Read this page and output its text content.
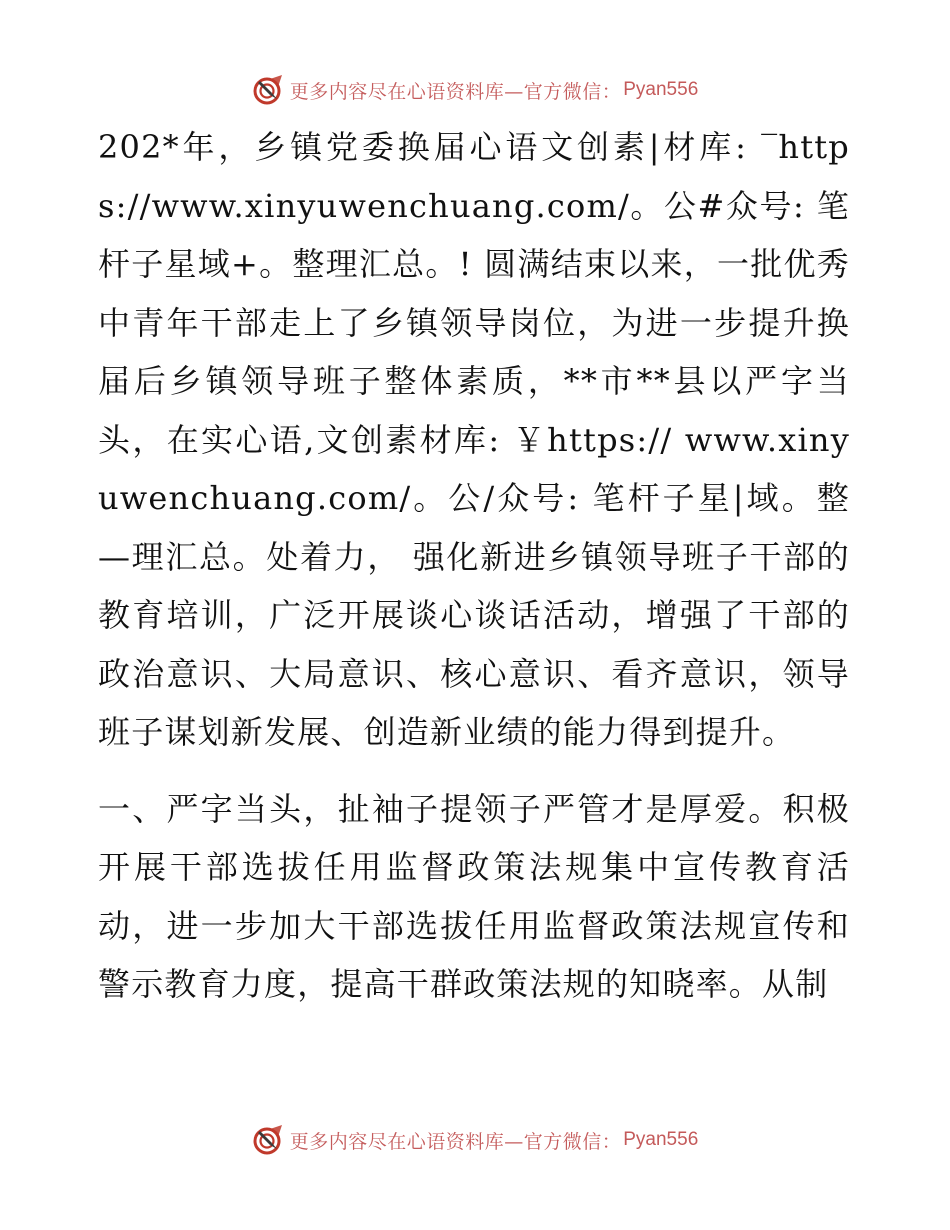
更多内容尽在心语资料库—官方微信： Pyan556

202*年，乡镇党委换届心语文创素|材库: ‾https://www.xinyuwenchuang.com/。公#众号: 笔杆子星域+。整理汇总。! 圆满结束以来，一批优秀中青年干部走上了乡镇领导岗位，为进一步提升换届后乡镇领导班子整体素质，**市**县以严字当头，在实心语,文创素材库: ￥https:// www.xinyuwenchuang.com/。公/众号: 笔杆子星|域。整—理汇总。处着力， 强化新进乡镇领导班子干部的教育培训，广泛开展谈心谈话活动，增强了干部的政治意识、大局意识、核心意识、看齐意识，领导班子谋划新发展、创造新业绩的能力得到提升。

一、严字当头，扯袖子提领子严管才是厚爱。积极开展干部选拔任用监督政策法规集中宣传教育活动，进一步加大干部选拔任用监督政策法规宣传和警示教育力度，提高干群政策法规的知晓率。从制

更多内容尽在心语资料库—官方微信： Pyan556
